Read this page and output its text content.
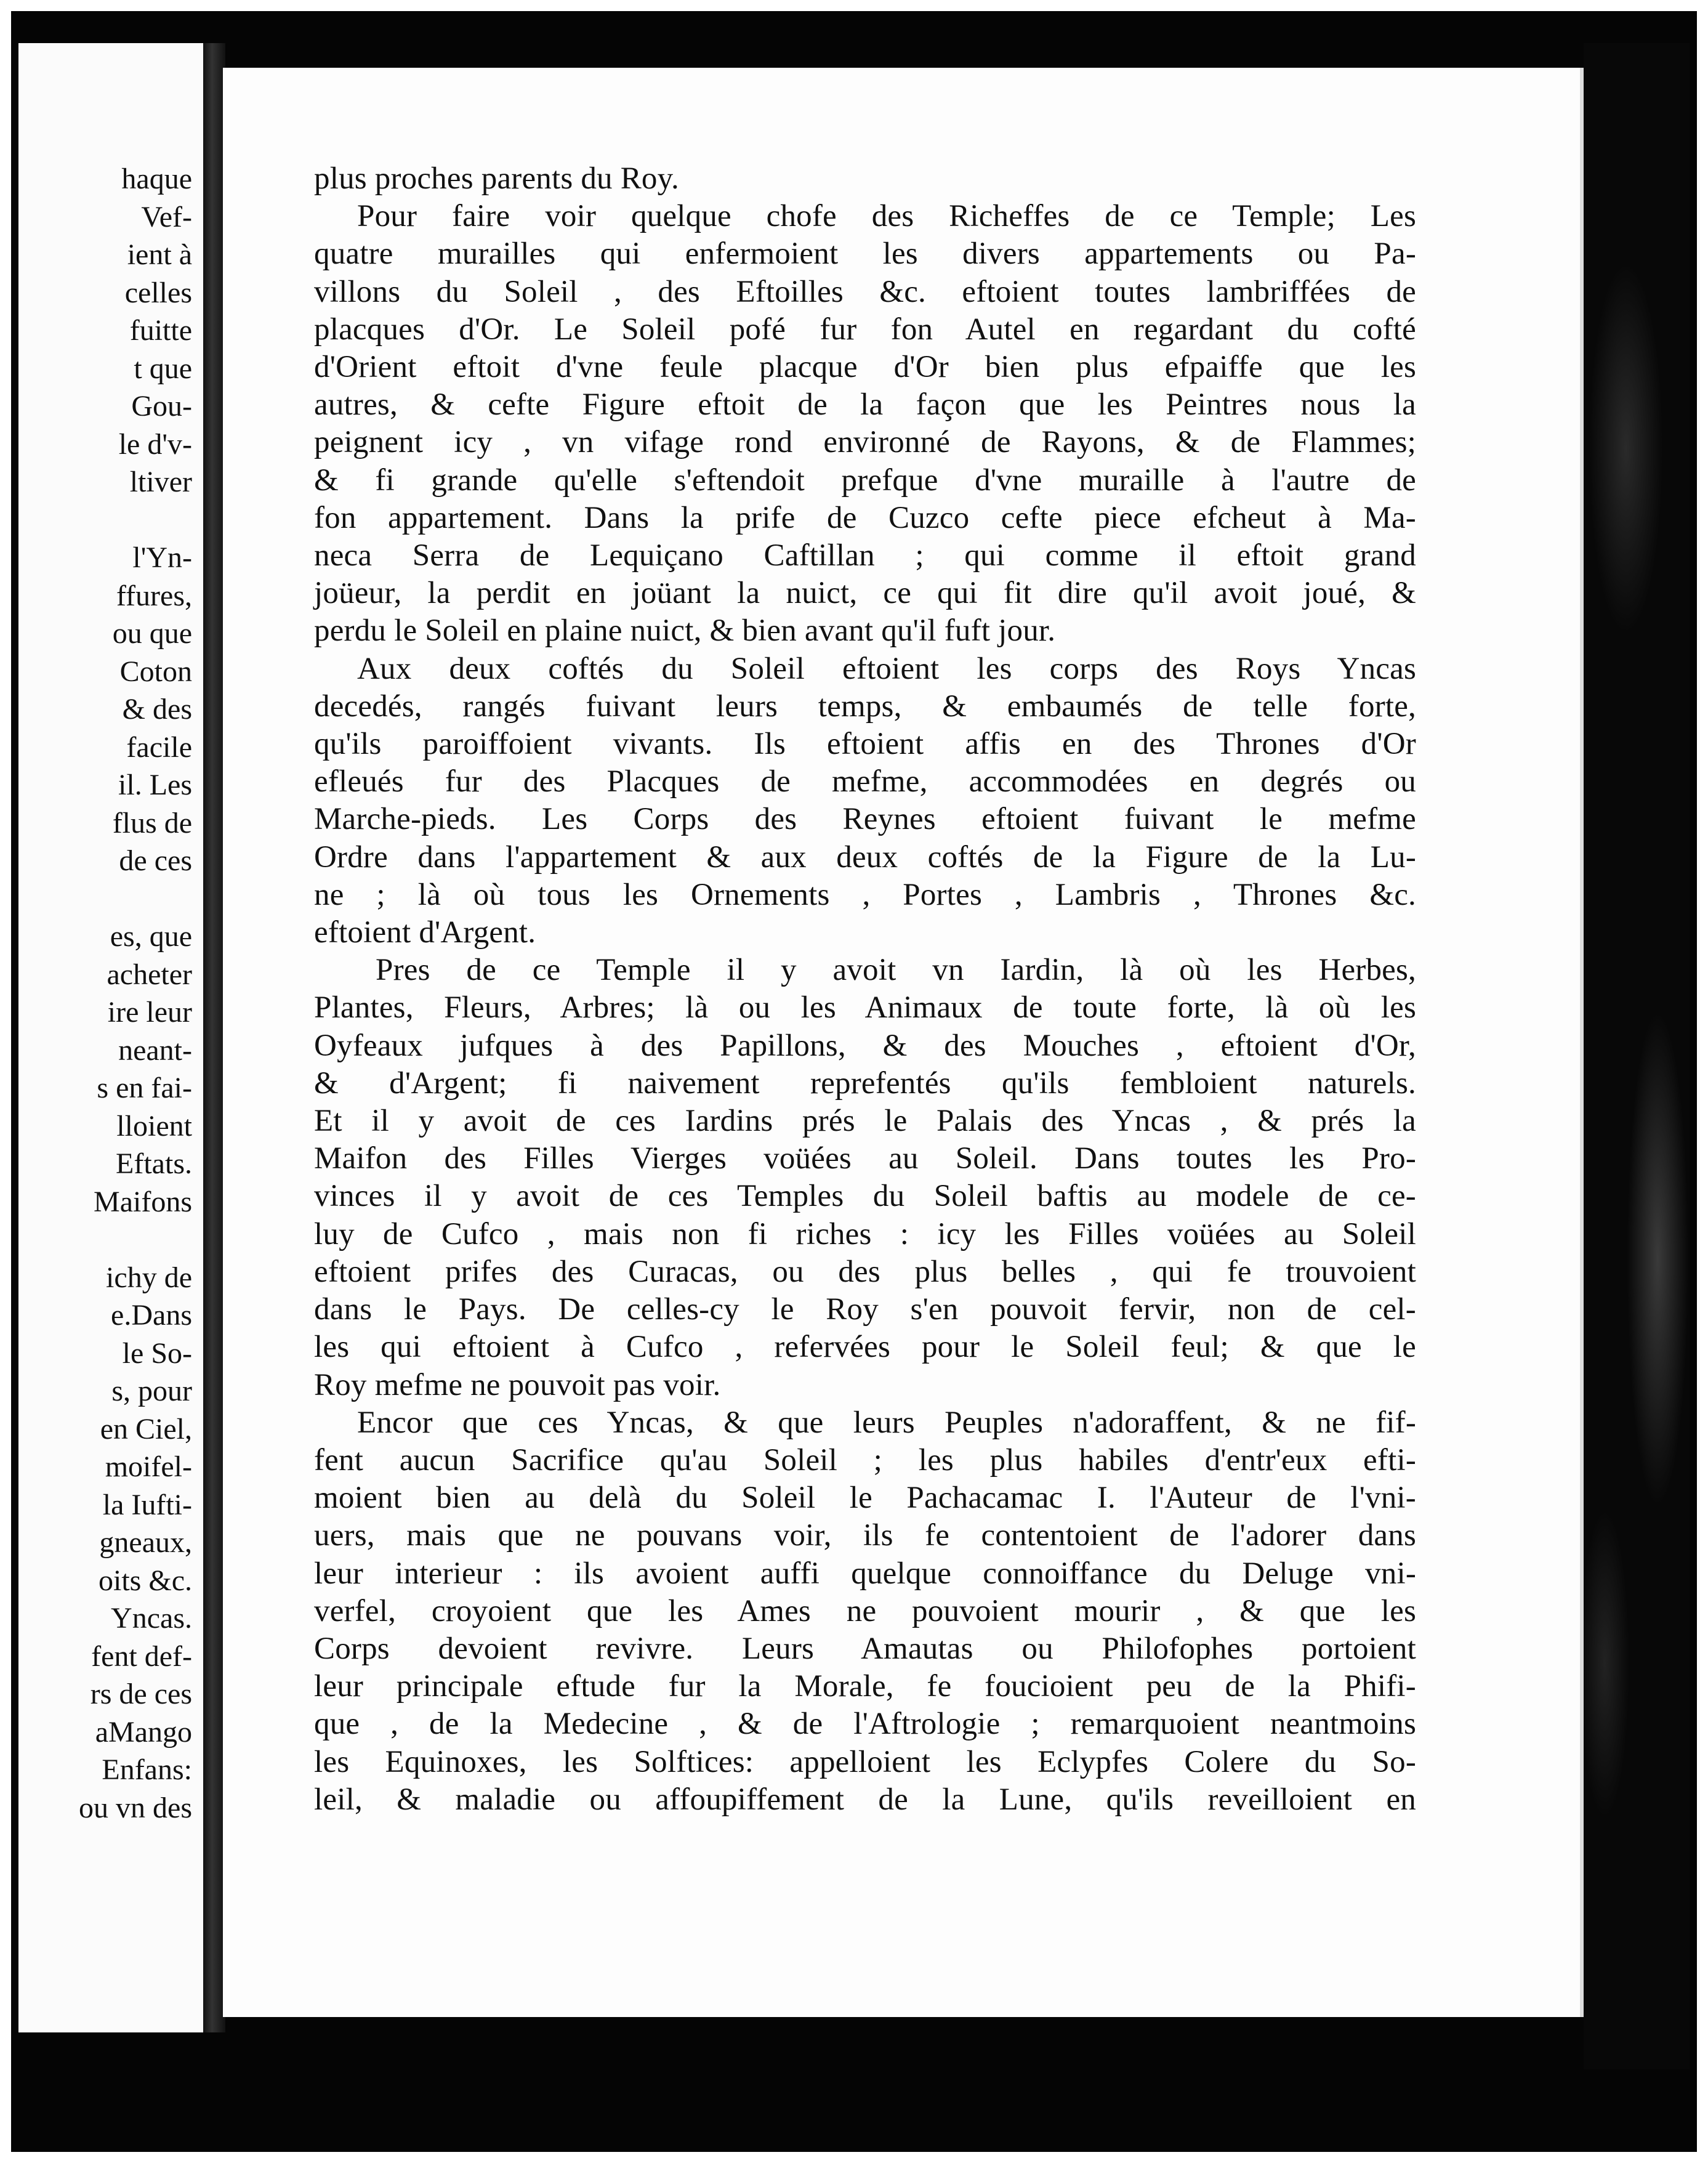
haque
Vef-
ient à
celles
fuitte
t que
Gou-
le d'v-
ltiver

l'Yn-
ffures,
ou que
Coton
& des
facile
il. Les
flus de
de ces

es, que
acheter
ire leur
neant-
s en fai-
lloient
Eftats.
Maifons

ichy de
e.Dans
le So-
s, pour
en Ciel,
moifel-
la Iufti-
gneaux,
oits &c.
Yncas.
fent def-
rs de ces
aMango
Enfans:
ou vn des
plus proches parents du Roy.
Pour faire voir quelque chofe des Richeffes de ce Temple; Les
quatre murailles qui enfermoient les divers appartements ou Pa-
villons du Soleil , des Eftoilles &c. eftoient toutes lambriffées de
placques d'Or. Le Soleil pofé fur fon Autel en regardant du cofté
d'Orient eftoit d'vne feule placque d'Or bien plus efpaiffe que les
autres, & cefte Figure eftoit de la façon que les Peintres nous la
peignent icy , vn vifage rond environné de Rayons, & de Flammes;
& fi grande qu'elle s'eftendoit prefque d'vne muraille à l'autre de
fon appartement. Dans la prife de Cuzco cefte piece efcheut à Ma-
neca Serra de Lequiçano Caftillan ; qui comme il eftoit grand
joüeur, la perdit en joüant la nuict, ce qui fit dire qu'il avoit joué, &
perdu le Soleil en plaine nuict, & bien avant qu'il fuft jour.
Aux deux coftés du Soleil eftoient les corps des Roys Yncas
decedés, rangés fuivant leurs temps, & embaumés de telle forte,
qu'ils paroiffoient vivants. Ils eftoient affis en des Thrones d'Or
efleués fur des Placques de mefme, accommodées en degrés ou
Marche-pieds. Les Corps des Reynes eftoient fuivant le mefme
Ordre dans l'appartement & aux deux coftés de la Figure de la Lu-
ne ; là où tous les Ornements , Portes , Lambris , Thrones &c.
eftoient d'Argent.
Pres de ce Temple il y avoit vn Iardin, là où les Herbes,
Plantes, Fleurs, Arbres; là ou les Animaux de toute forte, là où les
Oyfeaux jufques à des Papillons, & des Mouches , eftoient d'Or,
& d'Argent; fi naivement reprefentés qu'ils fembloient naturels.
Et il y avoit de ces Iardins prés le Palais des Yncas , & prés la
Maifon des Filles Vierges voüées au Soleil. Dans toutes les Pro-
vinces il y avoit de ces Temples du Soleil baftis au modele de ce-
luy de Cufco , mais non fi riches : icy les Filles voüées au Soleil
eftoient prifes des Curacas, ou des plus belles , qui fe trouvoient
dans le Pays. De celles-cy le Roy s'en pouvoit fervir, non de cel-
les qui eftoient à Cufco , refervées pour le Soleil feul; & que le
Roy mefme ne pouvoit pas voir.
Encor que ces Yncas, & que leurs Peuples n'adoraffent, & ne fif-
fent aucun Sacrifice qu'au Soleil ; les plus habiles d'entr'eux efti-
moient bien au delà du Soleil le Pachacamac I. l'Auteur de l'vni-
uers, mais que ne pouvans voir, ils fe contentoient de l'adorer dans
leur interieur : ils avoient auffi quelque connoiffance du Deluge vni-
verfel, croyoient que les Ames ne pouvoient mourir , & que les
Corps devoient revivre. Leurs Amautas ou Philofophes portoient
leur principale eftude fur la Morale, fe foucioient peu de la Phifi-
que , de la Medecine , & de l'Aftrologie ; remarquoient neantmoins
les Equinoxes, les Solftices: appelloient les Eclypfes Colere du So-
leil, & maladie ou affoupiffement de la Lune, qu'ils reveilloient en
